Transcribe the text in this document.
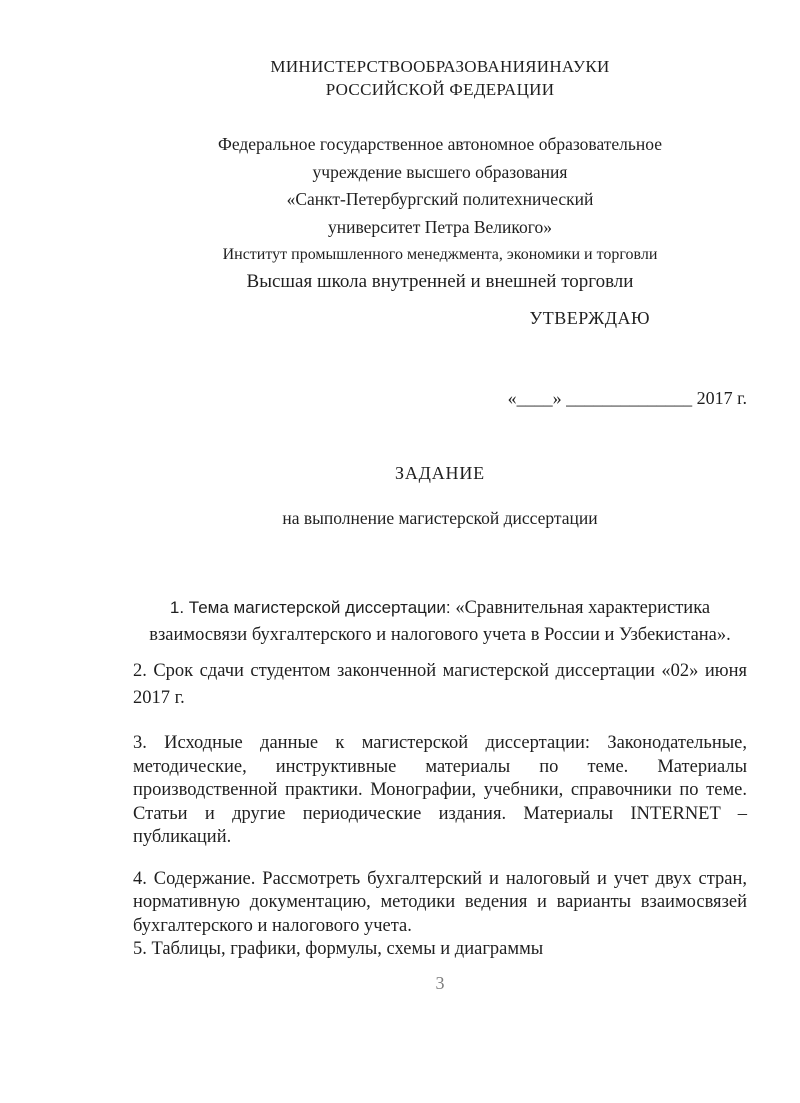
МИНИСТЕРСТВООБРАЗОВАНИЯИНАУКИ
РОССИЙСКОЙ ФЕДЕРАЦИИ
Федеральное государственное автономное образовательное
учреждение высшего образования
«Санкт-Петербургский политехнический
университет Петра Великого»
Институт промышленного менеджмента, экономики и торговли
Высшая школа внутренней и внешней торговли
УТВЕРЖДАЮ
«____» ______________ 2017 г.
ЗАДАНИЕ
на выполнение магистерской диссертации

1. Тема магистерской диссертации: «Сравнительная характеристика взаимосвязи бухгалтерского и налогового учета в России и Узбекистана».

2. Срок сдачи студентом законченной магистерской диссертации «02» июня 2017 г.

3. Исходные данные к магистерской диссертации: Законодательные, методические, инструктивные материалы по теме. Материалы производственной практики. Монографии, учебники, справочники по теме. Статьи и другие периодические издания. Материалы INTERNET – публикаций.

4. Содержание. Рассмотреть бухгалтерский и налоговый и учет двух стран, нормативную документацию, методики ведения и варианты взаимосвязей бухгалтерского и налогового учета.

5. Таблицы, графики, формулы, схемы и диаграммы

3
